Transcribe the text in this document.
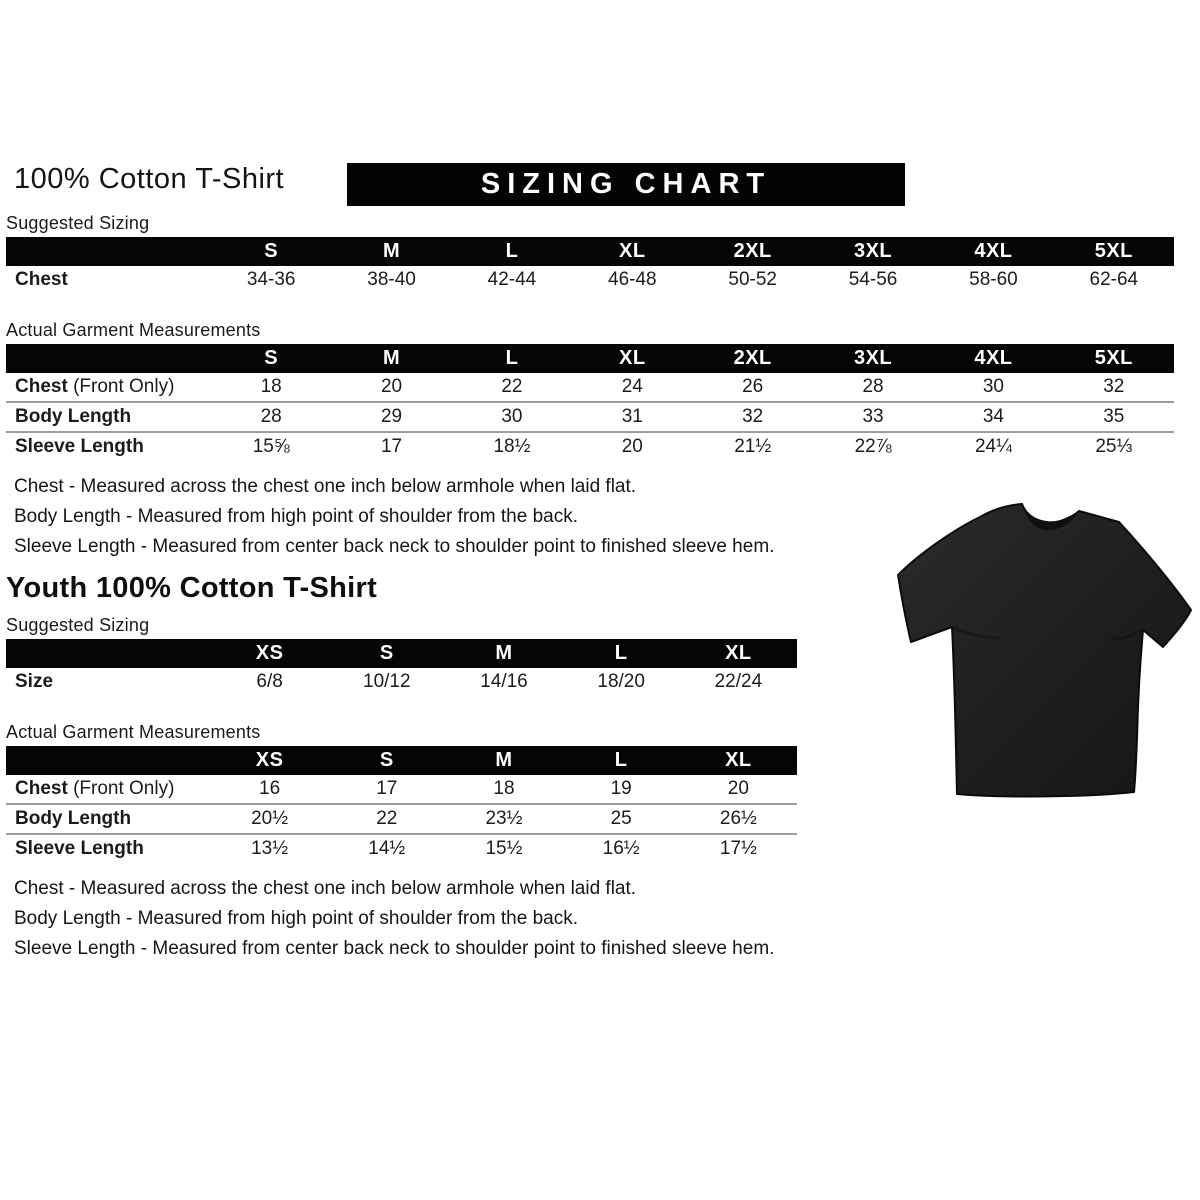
100% Cotton T-Shirt	SIZING CHART

Suggested Sizing

	S	M	L	XL	2XL	3XL	4XL	5XL
Chest	34-36	38-40	42-44	46-48	50-52	54-56	58-60	62-64

Actual Garment Measurements

	S	M	L	XL	2XL	3XL	4XL	5XL
Chest (Front Only)	18	20	22	24	26	28	30	32
Body Length	28	29	30	31	32	33	34	35
Sleeve Length	15⅝	17	18½	20	21½	22⅞	24¼	25⅓
Chest - Measured across the chest one inch below armhole when laid flat.
Body Length - Measured from high point of shoulder from the back.
Sleeve Length - Measured from center back neck to shoulder point to finished sleeve hem.
Youth 100% Cotton T-Shirt

Suggested Sizing

	XS	S	M	L	XL
Size	6/8	10/12	14/16	18/20	22/24

Actual Garment Measurements

	XS	S	M	L	XL
Chest (Front Only)	16	17	18	19	20
Body Length	20½	22	23½	25	26½
Sleeve Length	13½	14½	15½	16½	17½
Chest - Measured across the chest one inch below armhole when laid flat.
Body Length - Measured from high point of shoulder from the back.
Sleeve Length - Measured from center back neck to shoulder point to finished sleeve hem.
